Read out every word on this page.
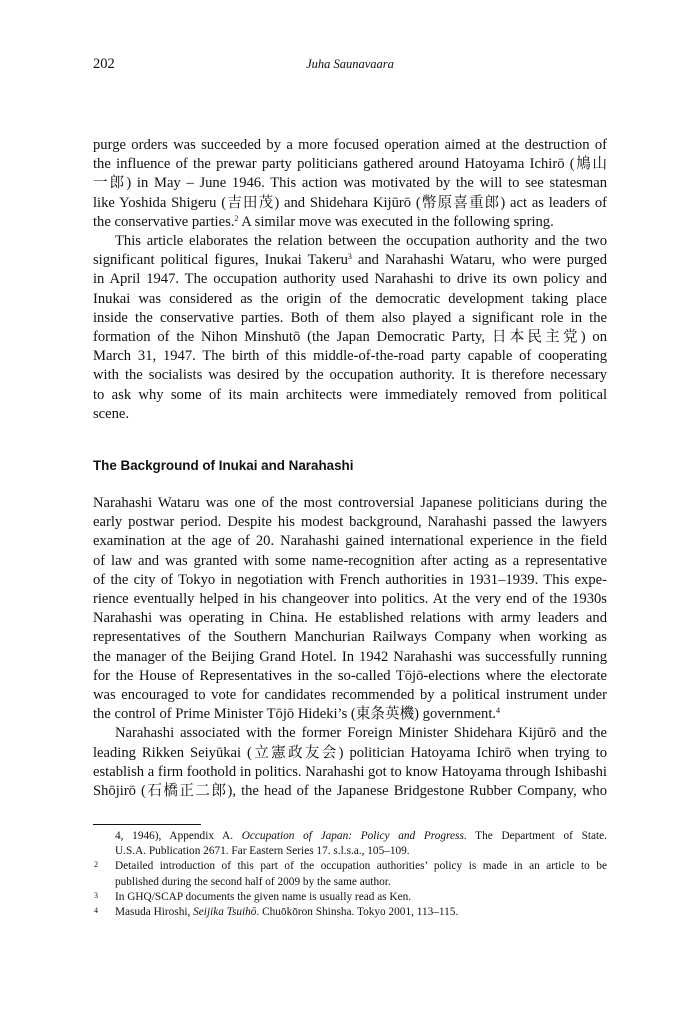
202	Juha Saunavaara
purge orders was succeeded by a more focused operation aimed at the destruction of
the influence of the prewar party politicians gathered around Hatoyama Ichirō (鳩山
一郎) in May – June 1946. This action was motivated by the will to see statesman
like Yoshida Shigeru (吉田茂) and Shidehara Kijūrō (幣原喜重郎) act as leaders of
the conservative parties.$^2$ A similar move was executed in the following spring.
This article elaborates the relation between the occupation authority and the two
significant political figures, Inukai Takeru$^3$ and Narahashi Wataru, who were purged
in April 1947. The occupation authority used Narahashi to drive its own policy and
Inukai was considered as the origin of the democratic development taking place
inside the conservative parties. Both of them also played a significant role in the
formation of the Nihon Minshutō (the Japan Democratic Party, 日本民主党) on
March 31, 1947. The birth of this middle-of-the-road party capable of cooperating
with the socialists was desired by the occupation authority. It is therefore necessary
to ask why some of its main architects were immediately removed from political
scene.
The Background of Inukai and Narahashi
Narahashi Wataru was one of the most controversial Japanese politicians during the
early postwar period. Despite his modest background, Narahashi passed the lawyers
examination at the age of 20. Narahashi gained international experience in the field
of law and was granted with some name-recognition after acting as a representative
of the city of Tokyo in negotiation with French authorities in 1931–1939. This expe-
rience eventually helped in his changeover into politics. At the very end of the 1930s
Narahashi was operating in China. He established relations with army leaders and
representatives of the Southern Manchurian Railways Company when working as
the manager of the Beijing Grand Hotel. In 1942 Narahashi was successfully running
for the House of Representatives in the so-called Tōjō-elections where the electorate
was encouraged to vote for candidates recommended by a political instrument under
the control of Prime Minister Tōjō Hideki’s (東条英機) government.$^4$
Narahashi associated with the former Foreign Minister Shidehara Kijūrō and the
leading Rikken Seiyūkai (立憲政友会) politician Hatoyama Ichirō when trying to
establish a firm foothold in politics. Narahashi got to know Hatoyama through Ishibashi
Shōjirō (石橋正二郎), the head of the Japanese Bridgestone Rubber Company, who
4, 1946), Appendix A. Occupation of Japan: Policy and Progress. The Department of State.
U.S.A. Publication 2671. Far Eastern Series 17. s.l.s.a., 105–109.
2 Detailed introduction of this part of the occupation authorities’ policy is made in an article to be
published during the second half of 2009 by the same author.
3 In GHQ/SCAP documents the given name is usually read as Ken.
4 Masuda Hiroshi, Seijika Tsuihō. Chuōkōron Shinsha. Tokyo 2001, 113–115.
